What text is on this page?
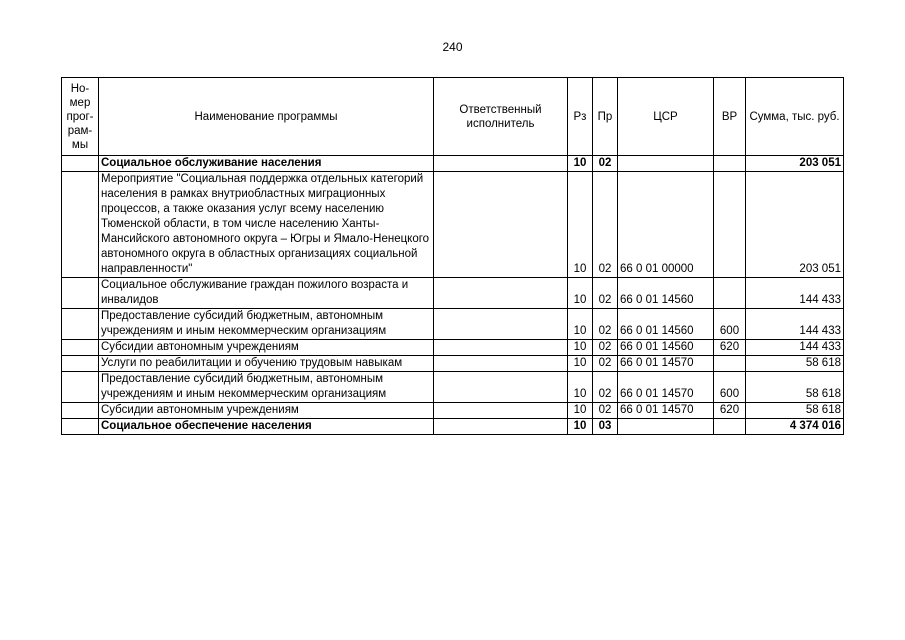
240
Но-
мер
прог-
рам-
мы	Наименование программы	Ответственный исполнитель	Рз	Пр	ЦСР	ВР	Сумма, тыс. руб.
	Социальное обслуживание населения		10	02			203 051
	Мероприятие "Социальная поддержка отдельных категорий населения в рамках внутриобластных миграционных процессов, а также оказания услуг всему населению Тюменской области, в том числе населению Ханты-Мансийского автономного округа – Югры и Ямало-Ненецкого автономного округа в областных организациях социальной направленности"		10	02	66 0 01 00000		203 051
	Социальное обслуживание граждан пожилого возраста и инвалидов		10	02	66 0 01 14560		144 433
	Предоставление субсидий бюджетным, автономным учреждениям и иным некоммерческим организациям		10	02	66 0 01 14560	600	144 433
	Субсидии автономным учреждениям		10	02	66 0 01 14560	620	144 433
	Услуги по реабилитации и обучению трудовым навыкам		10	02	66 0 01 14570		58 618
	Предоставление субсидий бюджетным, автономным учреждениям и иным некоммерческим организациям		10	02	66 0 01 14570	600	58 618
	Субсидии автономным учреждениям		10	02	66 0 01 14570	620	58 618
	Социальное обеспечение населения		10	03			4 374 016
